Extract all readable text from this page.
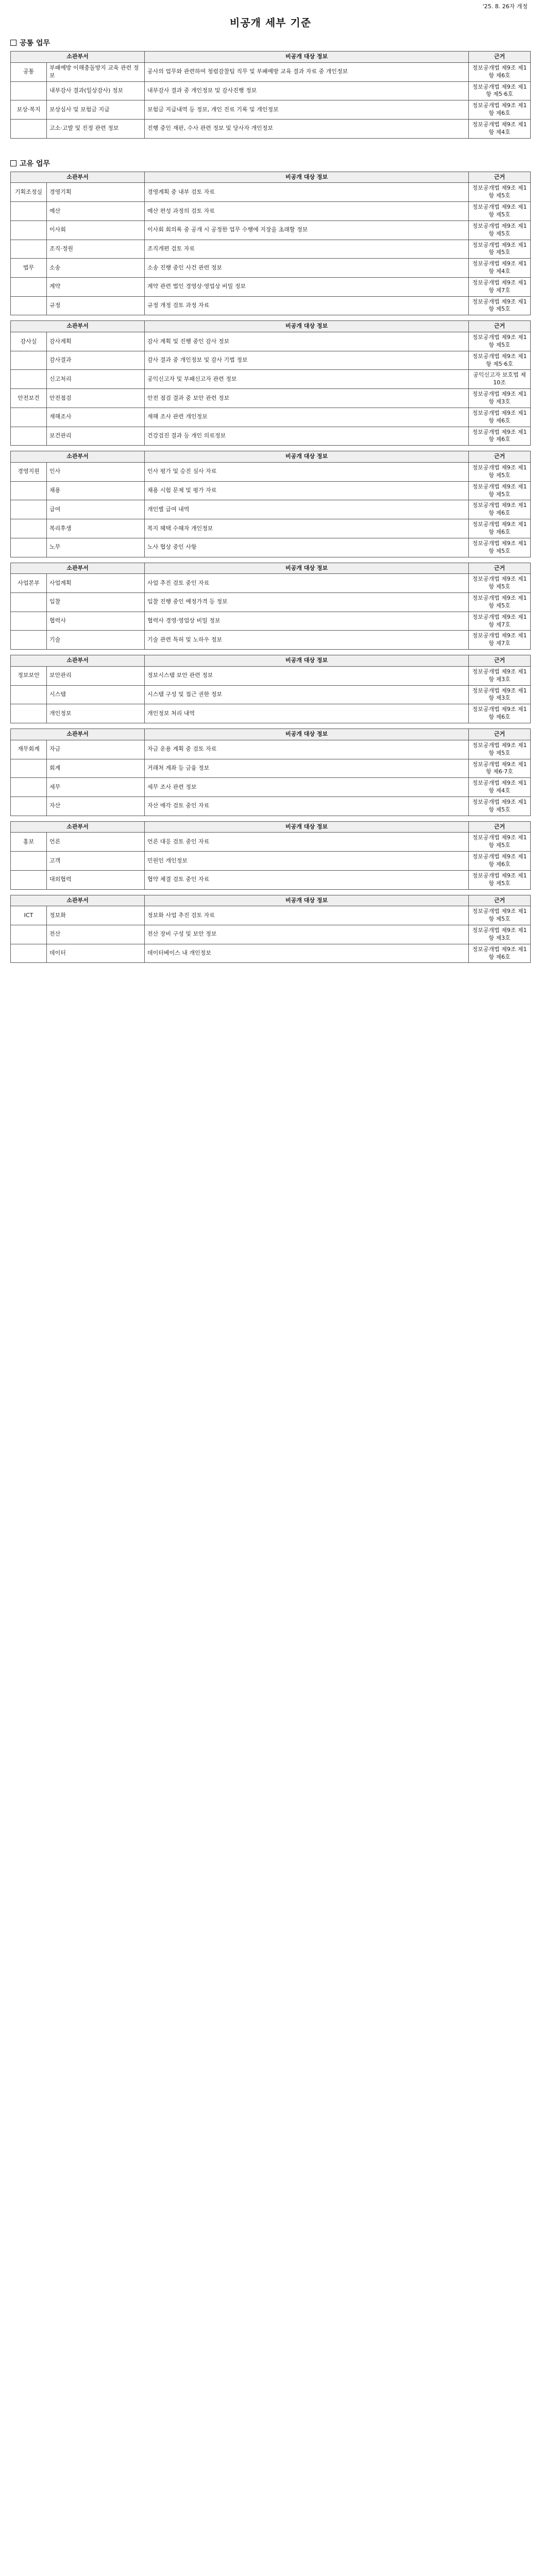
'25. 8. 26자 개정
비공개 세부 기준
공통 업무
소관부서		비공개 대상 정보	근거
공통	부패예방 이해충돌방지 교육 관련 정보	공사의 업무와 관련하여 청렴감찰팀 직무 및 부패예방 교육 결과 자료 중 개인정보	정보공개법 제9조 제1항 제6호
	내부감사 결과(일상감사) 정보	내부감사 결과 중 개인정보 및 감사진행 정보	정보공개법 제9조 제1항 제5·6호
보상·복지	보상심사 및 보험금 지급	보험금 지급내역 등 정보, 개인 진료 기록 및 개인정보	정보공개법 제9조 제1항 제6호
	고소·고발 및 진정 관련 정보	진행 중인 재판, 수사 관련 정보 및 당사자 개인정보	정보공개법 제9조 제1항 제4호
고유 업무
소관부서		비공개 대상 정보	근거
기획조정실	경영기획	경영계획 중 내부 검토 자료	정보공개법 제9조 제1항 제5호
	예산	예산 편성 과정의 검토 자료	정보공개법 제9조 제1항 제5호
	이사회	이사회 회의록 중 공개 시 공정한 업무 수행에 지장을 초래할 정보	정보공개법 제9조 제1항 제5호
	조직·정원	조직개편 검토 자료	정보공개법 제9조 제1항 제5호
법무	소송	소송 진행 중인 사건 관련 정보	정보공개법 제9조 제1항 제4호
	계약	계약 관련 법인 경영상·영업상 비밀 정보	정보공개법 제9조 제1항 제7호
	규정	규정 개정 검토 과정 자료	정보공개법 제9조 제1항 제5호
소관부서		비공개 대상 정보	근거
감사실	감사계획	감사 계획 및 진행 중인 감사 정보	정보공개법 제9조 제1항 제5호
	감사결과	감사 결과 중 개인정보 및 감사 기법 정보	정보공개법 제9조 제1항 제5·6호
	신고처리	공익신고자 및 부패신고자 관련 정보	공익신고자 보호법 제10조
안전보건	안전점검	안전 점검 결과 중 보안 관련 정보	정보공개법 제9조 제1항 제3호
	재해조사	재해 조사 관련 개인정보	정보공개법 제9조 제1항 제6호
	보건관리	건강검진 결과 등 개인 의료정보	정보공개법 제9조 제1항 제6호
소관부서		비공개 대상 정보	근거
경영지원	인사	인사 평가 및 승진 심사 자료	정보공개법 제9조 제1항 제5호
	채용	채용 시험 문제 및 평가 자료	정보공개법 제9조 제1항 제5호
	급여	개인별 급여 내역	정보공개법 제9조 제1항 제6호
	복리후생	복지 혜택 수혜자 개인정보	정보공개법 제9조 제1항 제6호
	노무	노사 협상 중인 사항	정보공개법 제9조 제1항 제5호
소관부서		비공개 대상 정보	근거
사업본부	사업계획	사업 추진 검토 중인 자료	정보공개법 제9조 제1항 제5호
	입찰	입찰 진행 중인 예정가격 등 정보	정보공개법 제9조 제1항 제5호
	협력사	협력사 경영·영업상 비밀 정보	정보공개법 제9조 제1항 제7호
	기술	기술 관련 특허 및 노하우 정보	정보공개법 제9조 제1항 제7호
소관부서		비공개 대상 정보	근거
정보보안	보안관리	정보시스템 보안 관련 정보	정보공개법 제9조 제1항 제3호
	시스템	시스템 구성 및 접근 권한 정보	정보공개법 제9조 제1항 제3호
	개인정보	개인정보 처리 내역	정보공개법 제9조 제1항 제6호
소관부서		비공개 대상 정보	근거
재무회계	자금	자금 운용 계획 중 검토 자료	정보공개법 제9조 제1항 제5호
	회계	거래처 계좌 등 금융 정보	정보공개법 제9조 제1항 제6·7호
	세무	세무 조사 관련 정보	정보공개법 제9조 제1항 제4호
	자산	자산 매각 검토 중인 자료	정보공개법 제9조 제1항 제5호
소관부서		비공개 대상 정보	근거
홍보	언론	언론 대응 검토 중인 자료	정보공개법 제9조 제1항 제5호
	고객	민원인 개인정보	정보공개법 제9조 제1항 제6호
	대외협력	협약 체결 검토 중인 자료	정보공개법 제9조 제1항 제5호
소관부서		비공개 대상 정보	근거
ICT	정보화	정보화 사업 추진 검토 자료	정보공개법 제9조 제1항 제5호
	전산	전산 장비 구성 및 보안 정보	정보공개법 제9조 제1항 제3호
	데이터	데이터베이스 내 개인정보	정보공개법 제9조 제1항 제6호
